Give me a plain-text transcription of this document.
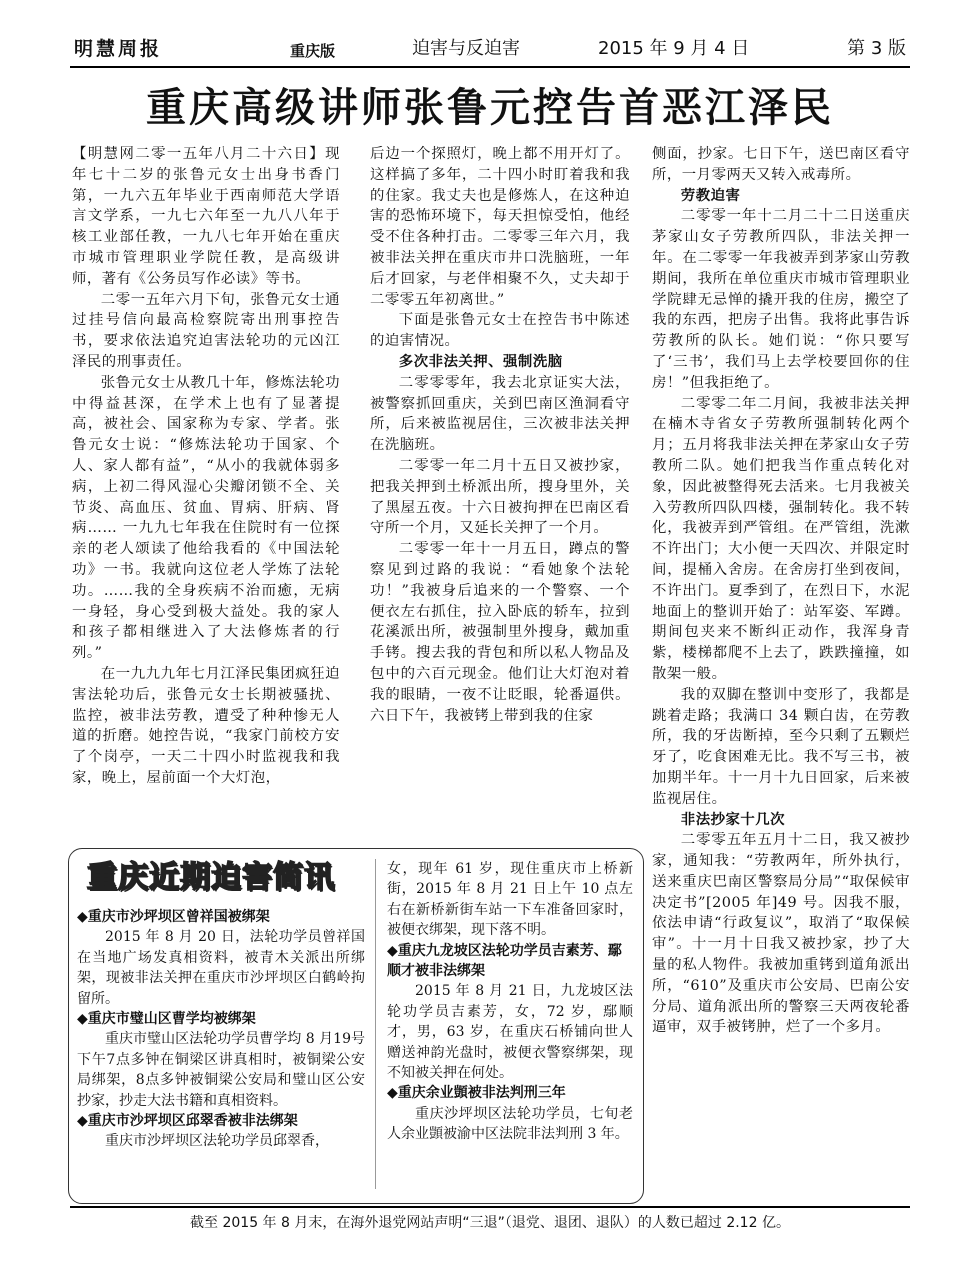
明慧周报	重庆版	迫害与反迫害	2015 年 9 月 4 日	第 3 版
重庆高级讲师张鲁元控告首恶江泽民

【明慧网二零一五年八月二十六日】现年七十二岁的张鲁元女士出身书香门第，一九六五年毕业于西南师范大学语言文学系，一九七六年至一九八八年于核工业部任教，一九八七年开始在重庆市城市管理职业学院任教，是高级讲师，著有《公务员写作必读》等书。

二零一五年六月下旬，张鲁元女士通过挂号信向最高检察院寄出刑事控告书，要求依法追究迫害法轮功的元凶江泽民的刑事责任。

张鲁元女士从教几十年，修炼法轮功中得益甚深，在学术上也有了显著提高，被社会、国家称为专家、学者。张鲁元女士说：“修炼法轮功于国家、个人、家人都有益”，“从小的我就体弱多病，上初二得风湿心尖瓣闭锁不全、关节炎、高血压、贫血、胃病、肝病、肾病…… 一九九七年我在住院时有一位探亲的老人颂读了他给我看的《中国法轮功》一书。我就向这位老人学炼了法轮功。……我的全身疾病不治而癒，无病一身轻，身心受到极大益处。我的家人和孩子都相继进入了大法修炼者的行列。”

在一九九九年七月江泽民集团疯狂迫害法轮功后，张鲁元女士长期被骚扰、监控，被非法劳教，遭受了种种惨无人道的折磨。她控告说，“我家门前校方安了个岗亭，一天二十四小时监视我和我家，晚上，屋前面一个大灯泡，

后边一个探照灯，晚上都不用开灯了。这样搞了多年，二十四小时盯着我和我的住家。我丈夫也是修炼人，在这种迫害的恐怖环境下，每天担惊受怕，他经受不住各种打击。二零零三年六月，我被非法关押在重庆市井口洗脑班，一年后才回家，与老伴相聚不久，丈夫却于二零零五年初离世。”

下面是张鲁元女士在控告书中陈述的迫害情况。

多次非法关押、强制洗脑

二零零零年，我去北京证实大法，被警察抓回重庆，关到巴南区渔洞看守所，后来被监视居住，三次被非法关押在洗脑班。

二零零一年二月十五日又被抄家，把我关押到土桥派出所，搜身里外，关了黑屋五夜。十六日被拘押在巴南区看守所一个月，又延长关押了一个月。

二零零一年十一月五日，蹲点的警察见到过路的我说：“看她象个法轮功！”我被身后追来的一个警察、一个便衣左右抓住，拉入卧底的轿车，拉到花溪派出所，被强制里外搜身，戴加重手铐。搜去我的背包和所以私人物品及包中的六百元现金。他们让大灯泡对着我的眼睛，一夜不让眨眼，轮番逼供。六日下午，我被铐上带到我的住家

侧面，抄家。七日下午，送巴南区看守所，一月零两天又转入戒毒所。

劳教迫害

二零零一年十二月二十二日送重庆茅家山女子劳教所四队，非法关押一年。在二零零一年我被弄到茅家山劳教期间，我所在单位重庆市城市管理职业学院肆无忌惮的撬开我的住房，搬空了我的东西，把房子出售。我将此事告诉劳教所的队长。她们说：“你只要写了‘三书’，我们马上去学校要回你的住房！”但我拒绝了。

二零零二年二月间，我被非法关押在楠木寺省女子劳教所强制转化两个月；五月将我非法关押在茅家山女子劳教所二队。她们把我当作重点转化对象，因此被整得死去活来。七月我被关入劳教所四队四楼，强制转化。我不转化，我被弄到严管组。在严管组，洗漱不许出门；大小便一天四次、并限定时间，提桶入舍房。在舍房打坐到夜间，不许出门。夏季到了，在烈日下，水泥地面上的整训开始了：站军姿、军蹲。期间包夹来不断纠正动作，我浑身青紫，楼梯都爬不上去了，跌跌撞撞，如散架一般。

我的双脚在整训中变形了，我都是跳着走路；我满口 34 颗白齿，在劳教所，我的牙齿断掉，至今只剩了五颗烂牙了，吃食困难无比。我不写三书，被加期半年。十一月十九日回家，后来被监视居住。

非法抄家十几次

二零零五年五月十二日，我又被抄家，通知我：“劳教两年，所外执行，送来重庆巴南区警察局分局”“取保候审决定书”[2005 年]49 号。因我不服，依法申请“行政复议”，取消了“取保候审”。十一月十日我又被抄家，抄了大量的私人物件。我被加重铐到道角派出所，“610”及重庆市公安局、巴南公安分局、道角派出所的警察三天两夜轮番逼审，双手被铐肿，烂了一个多月。

重庆近期迫害简讯
◆重庆市沙坪坝区曾祥国被绑架

2015 年 8 月 20 日，法轮功学员曾祥国在当地广场发真相资料，被青木关派出所绑架，现被非法关押在重庆市沙坪坝区白鹤岭拘留所。

◆重庆市璧山区曹学均被绑架

重庆市璧山区法轮功学员曹学均 8 月19号下午7点多钟在铜梁区讲真相时，被铜梁公安局绑架，8点多钟被铜梁公安局和璧山区公安抄家，抄走大法书籍和真相资料。

◆重庆市沙坪坝区邱翠香被非法绑架

重庆市沙坪坝区法轮功学员邱翠香，

女，现年 61 岁，现住重庆市上桥新街，2015 年 8 月 21 日上午 10 点左右在新桥新街车站一下车准备回家时，被便衣绑架，现下落不明。

◆重庆九龙坡区法轮功学员吉素芳、鄢顺才被非法绑架

2015 年 8 月 21 日，九龙坡区法轮功学员吉素芳，女，72 岁，鄢顺才，男，63 岁，在重庆石桥铺向世人赠送神韵光盘时，被便衣警察绑架，现不知被关押在何处。

◆重庆余业顗被非法判刑三年

重庆沙坪坝区法轮功学员，七旬老人余业顗被渝中区法院非法判刑 3 年。

截至 2015 年 8 月末，在海外退党网站声明“三退”（退党、退团、退队）的人数已超过 2.12 亿。
